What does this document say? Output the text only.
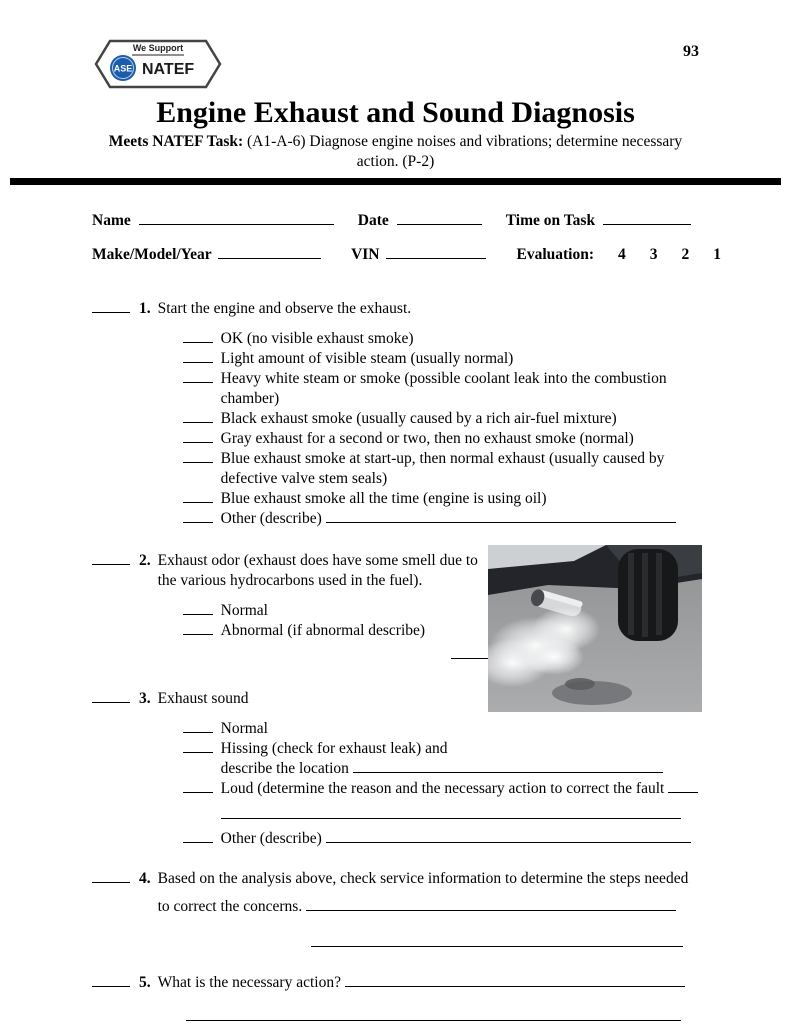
We Support
ASE NATEF
93
Engine Exhaust and Sound Diagnosis

Meets NATEF Task: (A1-A-6) Diagnose engine noises and vibrations; determine necessary action. (P-2)

Name	Date	Time on Task
Make/Model/Year	VIN	Evaluation: 4 3 2 1
1. Start the engine and observe the exhaust.
OK (no visible exhaust smoke)
Light amount of visible steam (usually normal)
Heavy white steam or smoke (possible coolant leak into the combustion chamber)
Black exhaust smoke (usually caused by a rich air-fuel mixture)
Gray exhaust for a second or two, then no exhaust smoke (normal)
Blue exhaust smoke at start-up, then normal exhaust (usually caused by defective valve stem seals)
Blue exhaust smoke all the time (engine is using oil)
Other (describe)
2. Exhaust odor (exhaust does have some smell due to the various hydrocarbons used in the fuel).
Normal
Abnormal (if abnormal describe)
3. Exhaust sound
Normal
Hissing (check for exhaust leak) and
describe the location
Loud (determine the reason and the necessary action to correct the fault
Other (describe)
4. Based on the analysis above, check service information to determine the steps needed
to correct the concerns.
5. What is the necessary action?
